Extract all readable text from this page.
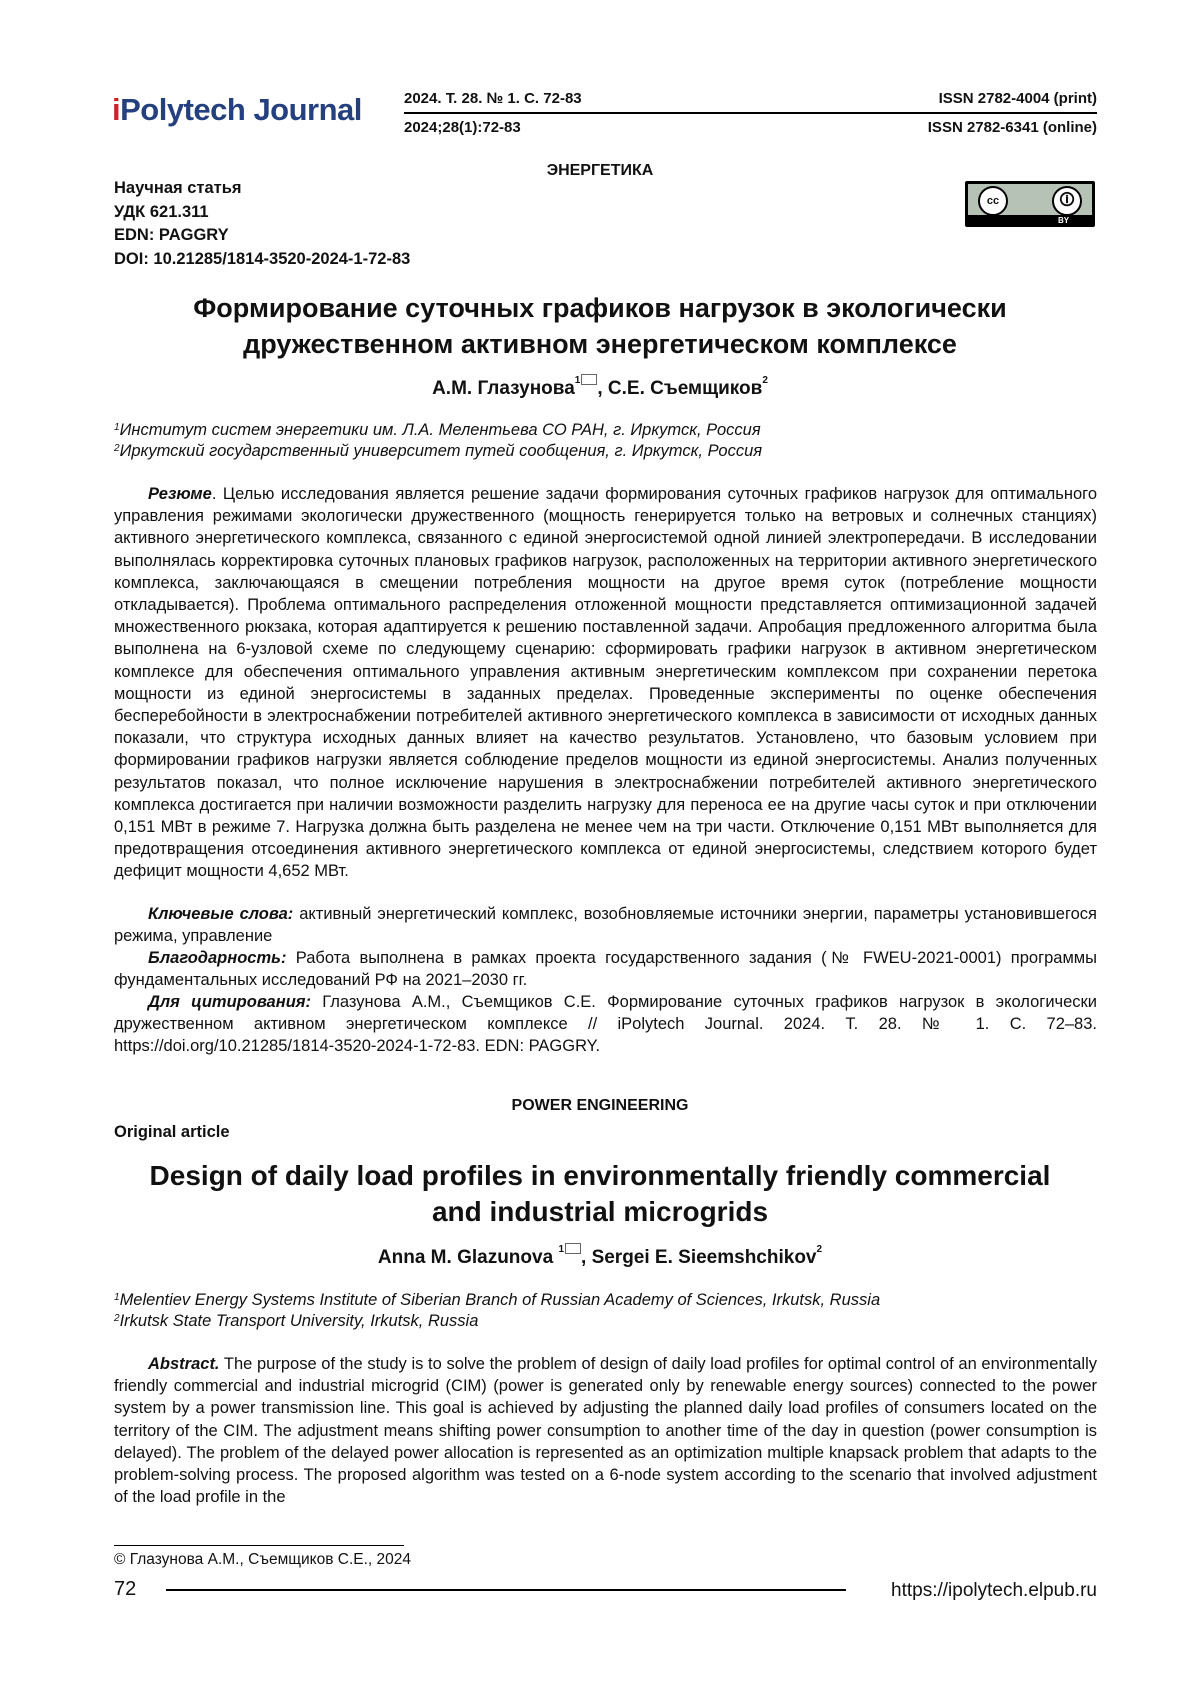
iPolytech Journal	2024. Т. 28. № 1. С. 72-83
2024;28(1):72-83
ISSN 2782-4004 (print)
ISSN 2782-6341 (online)
ЭНЕРГЕТИКА
Научная статья
УДК 621.311
EDN: PAGGRY
DOI: 10.21285/1814-3520-2024-1-72-83
cc	🛈
BY
Формирование суточных графиков нагрузок в экологически
дружественном активном энергетическом комплексе
А.М. Глазунова$^1$ , С.Е. Съемщиков$^2$
$^1$Институт систем энергетики им. Л.А. Мелентьева СО РАН, г. Иркутск, Россия
$^2$Иркутский государственный университет путей сообщения, г. Иркутск, Россия
Резюме. Целью исследования является решение задачи формирования суточных графиков нагрузок для оптимального управления режимами экологически дружественного (мощность генерируется только на ветровых и солнечных станциях) активного энергетического комплекса, связанного с единой энергосистемой одной линией электропередачи. В исследовании выполнялась корректировка суточных плановых графиков нагрузок, расположенных на территории активного энергетического комплекса, заключающаяся в смещении потребления мощности на другое время суток (потребление мощности откладывается). Проблема оптимального распределения отложенной мощности представляется оптимизационной задачей множественного рюкзака, которая адаптируется к решению поставленной задачи. Апробация предложенного алгоритма была выполнена на 6-узловой схеме по следующему сценарию: сформировать графики нагрузок в активном энергетическом комплексе для обеспечения оптимального управления активным энергетическим комплексом при сохранении перетока мощности из единой энергосистемы в заданных пределах. Проведенные эксперименты по оценке обеспечения бесперебойности в электроснабжении потребителей активного энергетического комплекса в зависимости от исходных данных показали, что структура исходных данных влияет на качество результатов. Установлено, что базовым условием при формировании графиков нагрузки является соблюдение пределов мощности из единой энергосистемы. Анализ полученных результатов показал, что полное исключение нарушения в электроснабжении потребителей активного энергетического комплекса достигается при наличии возможности разделить нагрузку для переноса ее на другие часы суток и при отключении 0,151 МВт в режиме 7. Нагрузка должна быть разделена не менее чем на три части. Отключение 0,151 МВт выполняется для предотвращения отсоединения активного энергетического комплекса от единой энергосистемы, следствием которого будет дефицит мощности 4,652 МВт.
Ключевые слова: активный энергетический комплекс, возобновляемые источники энергии, параметры установившегося режима, управление
Благодарность: Работа выполнена в рамках проекта государственного задания (№ FWEU-2021-0001) программы фундаментальных исследований РФ на 2021–2030 гг.
Для цитирования: Глазунова А.М., Съемщиков С.Е. Формирование суточных графиков нагрузок в экологически дружественном активном энергетическом комплексе // iPolytech Journal. 2024. Т. 28. № 1. С. 72–83. https://doi.org/10.21285/1814-3520-2024-1-72-83. EDN: PAGGRY.
POWER ENGINEERING
Original article
Design of daily load profiles in environmentally friendly commercial
and industrial microgrids
Anna M. Glazunova $^1$ , Sergei E. Sieemshchikov$^2$
$^1$Melentiev Energy Systems Institute of Siberian Branch of Russian Academy of Sciences, Irkutsk, Russia
$^2$Irkutsk State Transport University, Irkutsk, Russia
Abstract. The purpose of the study is to solve the problem of design of daily load profiles for optimal control of an environmentally friendly commercial and industrial microgrid (CIM) (power is generated only by renewable energy sources) connected to the power system by a power transmission line. This goal is achieved by adjusting the planned daily load profiles of consumers located on the territory of the CIM. The adjustment means shifting power consumption to another time of the day in question (power consumption is delayed). The problem of the delayed power allocation is represented as an optimization multiple knapsack problem that adapts to the problem-solving process. The proposed algorithm was tested on a 6-node system according to the scenario that involved adjustment of the load profile in the
© Глазунова А.М., Съемщиков С.Е., 2024
72	https://ipolytech.elpub.ru
